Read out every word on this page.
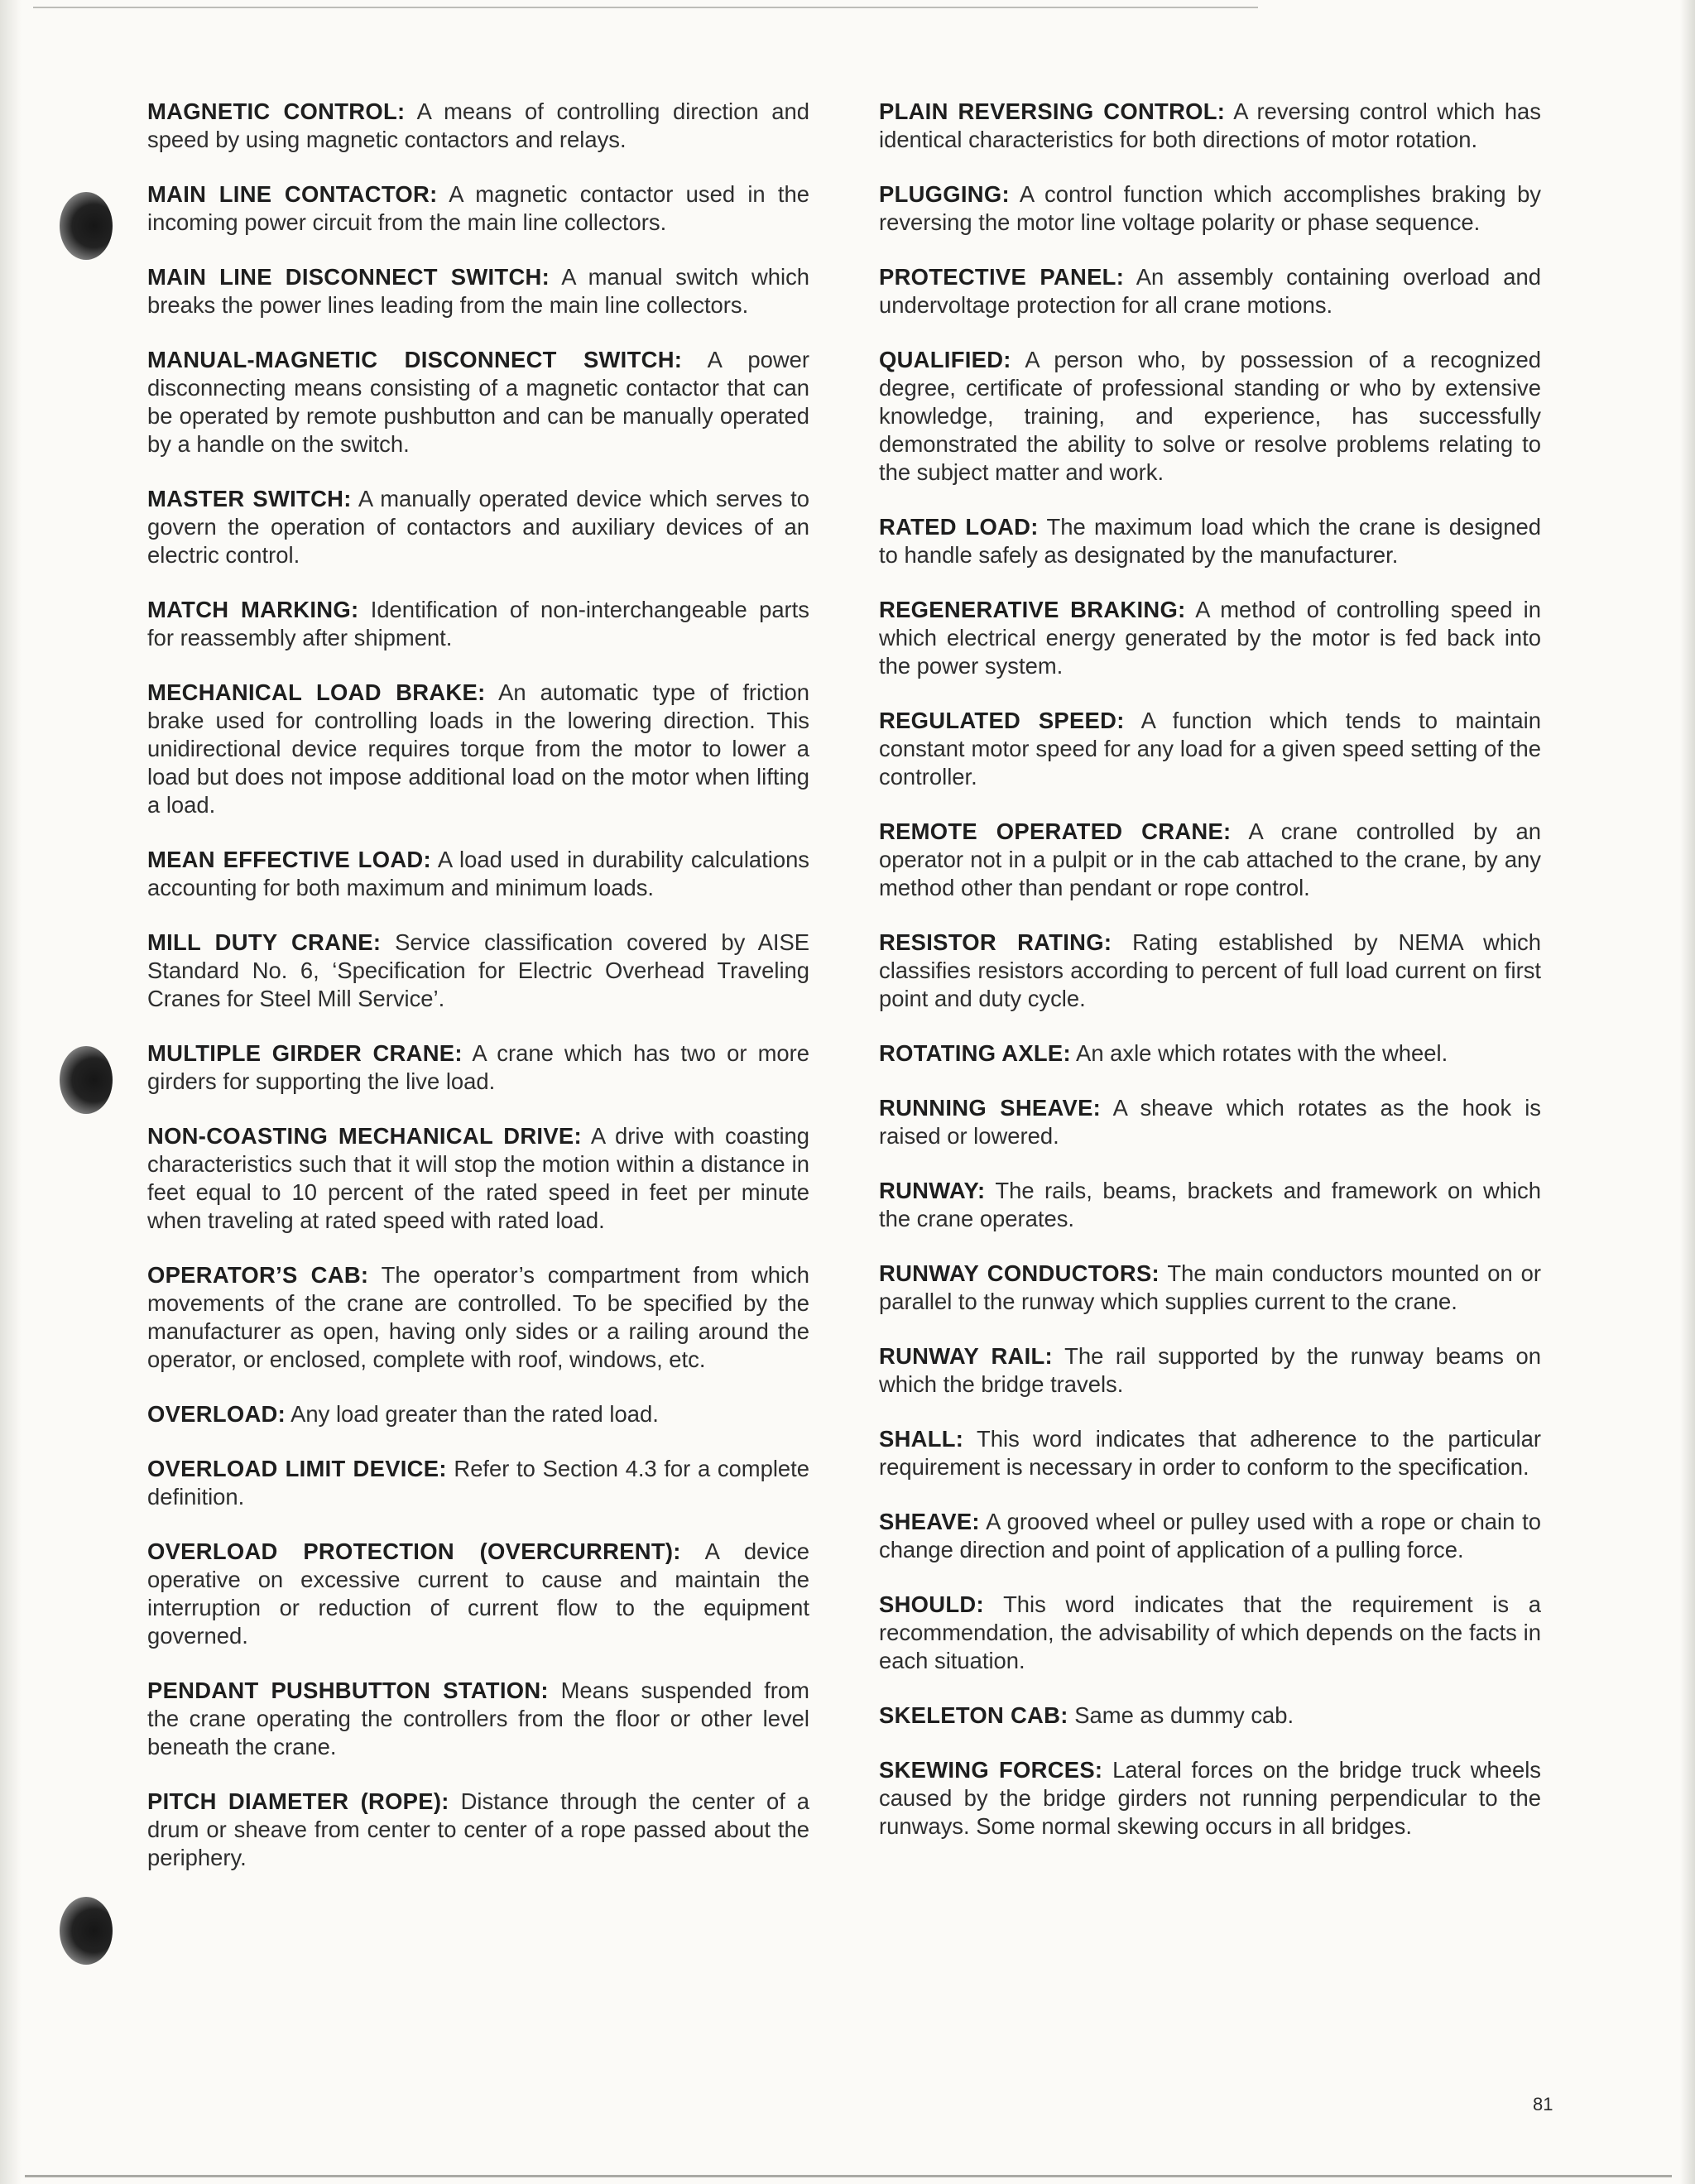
MAGNETIC CONTROL: A means of controlling direction and speed by using magnetic contactors and relays.

MAIN LINE CONTACTOR: A magnetic contactor used in the incoming power circuit from the main line collectors.

MAIN LINE DISCONNECT SWITCH: A manual switch which breaks the power lines leading from the main line collectors.

MANUAL-MAGNETIC DISCONNECT SWITCH: A power disconnecting means consisting of a magnetic contactor that can be operated by remote pushbutton and can be manually operated by a handle on the switch.

MASTER SWITCH: A manually operated device which serves to govern the operation of contactors and auxiliary devices of an electric control.

MATCH MARKING: Identification of non-interchangeable parts for reassembly after shipment.

MECHANICAL LOAD BRAKE: An automatic type of friction brake used for controlling loads in the lowering direction. This unidirectional device requires torque from the motor to lower a load but does not impose additional load on the motor when lifting a load.

MEAN EFFECTIVE LOAD: A load used in durability calculations accounting for both maximum and minimum loads.

MILL DUTY CRANE: Service classification covered by AISE Standard No. 6, ‘Specification for Electric Overhead Traveling Cranes for Steel Mill Service’.

MULTIPLE GIRDER CRANE: A crane which has two or more girders for supporting the live load.

NON-COASTING MECHANICAL DRIVE: A drive with coasting characteristics such that it will stop the motion within a distance in feet equal to 10 percent of the rated speed in feet per minute when traveling at rated speed with rated load.

OPERATOR’S CAB: The operator’s compartment from which movements of the crane are controlled. To be specified by the manufacturer as open, having only sides or a railing around the operator, or enclosed, complete with roof, windows, etc.

OVERLOAD: Any load greater than the rated load.

OVERLOAD LIMIT DEVICE: Refer to Section 4.3 for a complete definition.

OVERLOAD PROTECTION (OVERCURRENT): A device operative on excessive current to cause and maintain the interruption or reduction of current flow to the equipment governed.

PENDANT PUSHBUTTON STATION: Means suspended from the crane operating the controllers from the floor or other level beneath the crane.

PITCH DIAMETER (ROPE): Distance through the center of a drum or sheave from center to center of a rope passed about the periphery.

PLAIN REVERSING CONTROL: A reversing control which has identical characteristics for both directions of motor rotation.

PLUGGING: A control function which accomplishes braking by reversing the motor line voltage polarity or phase sequence.

PROTECTIVE PANEL: An assembly containing overload and undervoltage protection for all crane motions.

QUALIFIED: A person who, by possession of a recognized degree, certificate of professional standing or who by extensive knowledge, training, and experience, has successfully demonstrated the ability to solve or resolve problems relating to the subject matter and work.

RATED LOAD: The maximum load which the crane is designed to handle safely as designated by the manufacturer.

REGENERATIVE BRAKING: A method of controlling speed in which electrical energy generated by the motor is fed back into the power system.

REGULATED SPEED: A function which tends to maintain constant motor speed for any load for a given speed setting of the controller.

REMOTE OPERATED CRANE: A crane controlled by an operator not in a pulpit or in the cab attached to the crane, by any method other than pendant or rope control.

RESISTOR RATING: Rating established by NEMA which classifies resistors according to percent of full load current on first point and duty cycle.

ROTATING AXLE: An axle which rotates with the wheel.

RUNNING SHEAVE: A sheave which rotates as the hook is raised or lowered.

RUNWAY: The rails, beams, brackets and framework on which the crane operates.

RUNWAY CONDUCTORS: The main conductors mounted on or parallel to the runway which supplies current to the crane.

RUNWAY RAIL: The rail supported by the runway beams on which the bridge travels.

SHALL: This word indicates that adherence to the particular requirement is necessary in order to conform to the specification.

SHEAVE: A grooved wheel or pulley used with a rope or chain to change direction and point of application of a pulling force.

SHOULD: This word indicates that the requirement is a recommendation, the advisability of which depends on the facts in each situation.

SKELETON CAB: Same as dummy cab.

SKEWING FORCES: Lateral forces on the bridge truck wheels caused by the bridge girders not running perpendicular to the runways. Some normal skewing occurs in all bridges.

81
